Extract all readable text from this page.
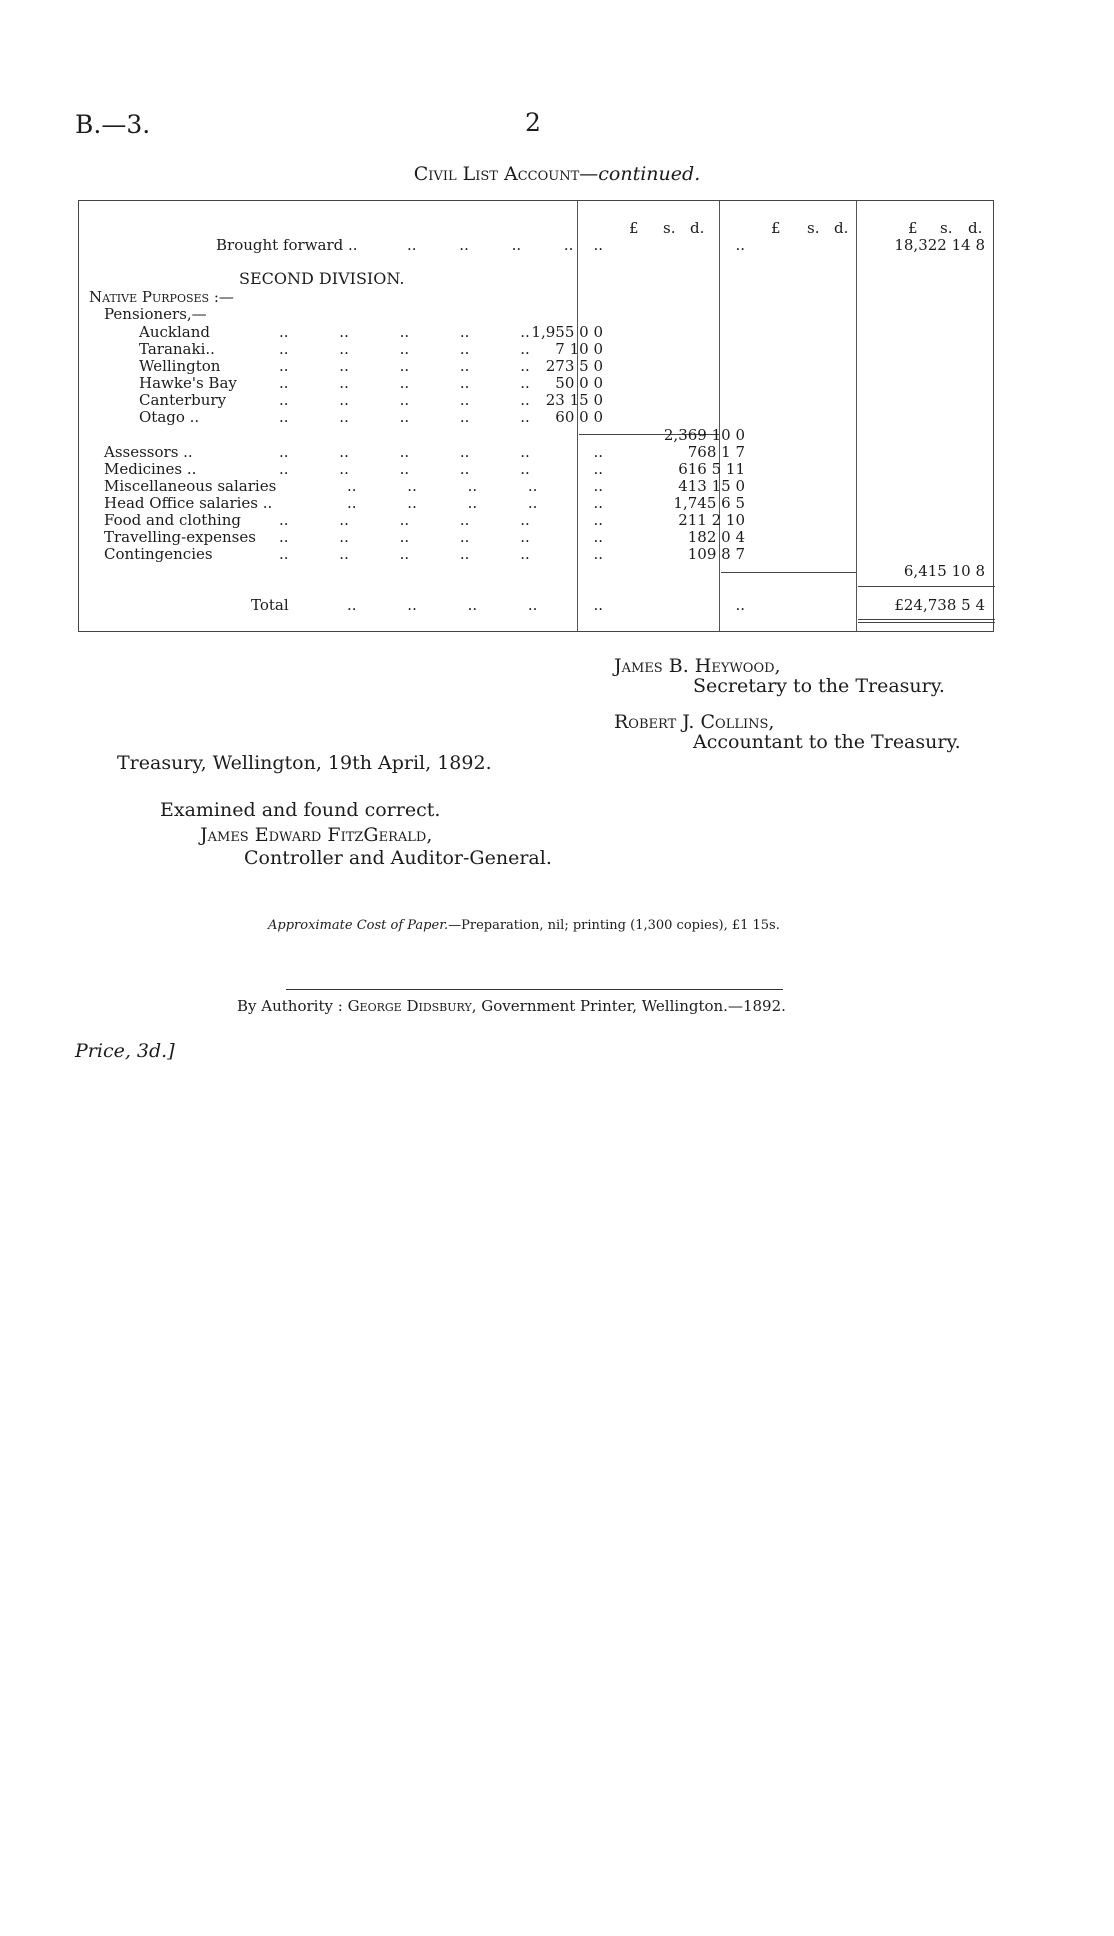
B.—3.	2
Civil List Account—continued.
£ s. d.	£ s. d.	£ s. d.
Brought forward ..	.. .. .. ..	..	..	18,322 14 8
SECOND DIVISION.
Native Purposes :—
Pensioners,—
Auckland	.. .. .. .. .. 1,955 0 0
Taranaki..	.. .. .. .. ..	7 10 0
Wellington	.. .. .. .. ..	273 5 0
Hawke's Bay	.. .. .. .. ..	50 0 0
Canterbury	.. .. .. .. ..	23 15 0
Otago ..	.. .. .. .. ..	60 0 0
2,369 10 0
Assessors ..	.. .. .. .. ..	..	768 1 7
Medicines ..	.. .. .. .. ..	..	616 5 11
Miscellaneous salaries	.. .. .. ..	..	413 15 0
Head Office salaries ..	.. .. .. ..	..	1,745 6 5
Food and clothing	.. .. .. .. ..	..	211 2 10
Travelling-expenses .. .. .. .. ..	..	182 0 4
Contingencies	.. .. .. .. ..	..	109 8 7
6,415 10 8
Total	.. .. .. ..	..	..	£24,738 5 4
James B. Heywood,
Secretary to the Treasury.
Robert J. Collins,
Accountant to the Treasury.
Treasury, Wellington, 19th April, 1892.
Examined and found correct.
James Edward FitzGerald,
Controller and Auditor-General.
Approximate Cost of Paper.—Preparation, nil; printing (1,300 copies), £1 15s.
By Authority : George Didsbury, Government Printer, Wellington.—1892.
Price, 3d.]
